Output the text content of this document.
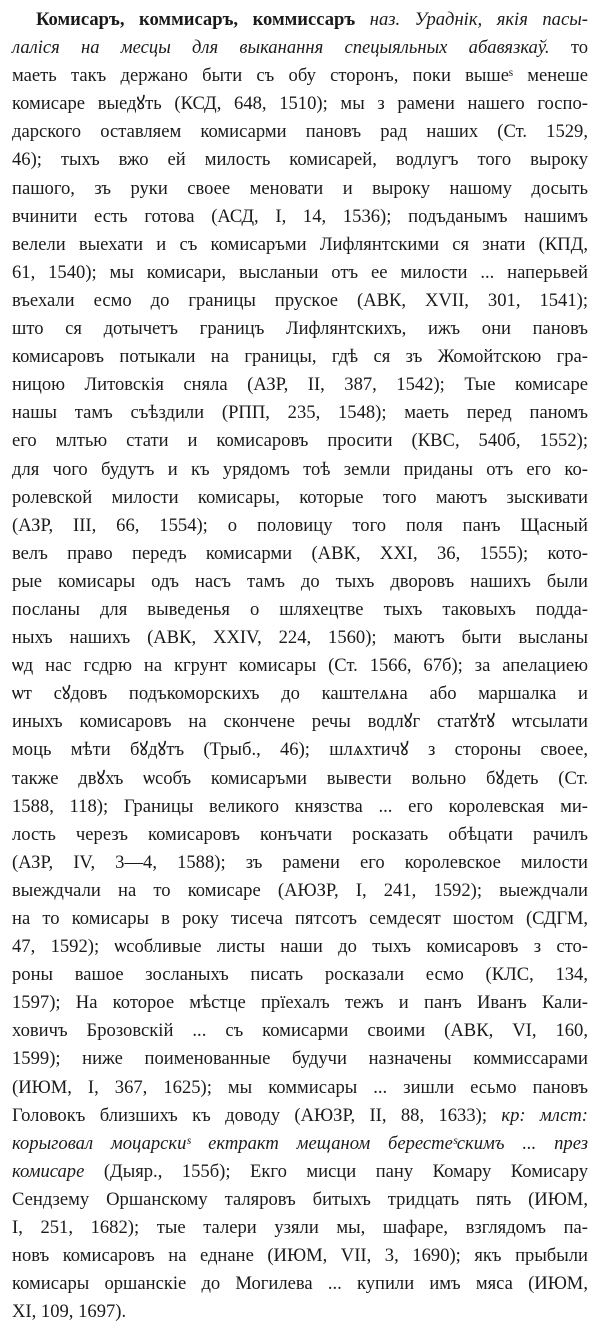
Комисаръ, коммисаръ, коммиссаръ наз. Ураднік, якія пасы-
лаліся на месцы для выканання спецыяльных абавязкаў. то
маеть такъ держано быти съ обу сторонъ, поки вышеˢ менеше
комисаре выедꙋть (КСД, 648, 1510); мы з рамени нашего госпо-
дарского оставляем комисарми пановъ рад наших (Ст. 1529,
46); тыхъ вжо ей милость комисарей, водлугъ того выроку
пашого, зъ руки своее меновати и выроку нашому досыть
вчинити есть готова (АСД, I, 14, 1536); подъданымъ нашимъ
велели выехати и съ комисаръми Лифлянтскими ся знати (КПД,
61, 1540); мы комисари, высланыи отъ ее милости ... наперьвей
въехали есмо до границы прускoe (АВК, XVII, 301, 1541);
што ся дотычетъ границъ Лифлянтскихъ, ижъ они пановъ
комисаровъ потыкали на границы, гдѣ ся зъ Жомойтскою гра-
ницою Литовскія сняла (АЗР, II, 387, 1542); Тые комисаре
нашы тамъ съѣздили (РПП, 235, 1548); маеть перед паномъ
его млтью стати и комисаровъ просити (КВС, 540б, 1552);
для чого будутъ и къ урядомъ тоѣ земли приданы отъ его ко-
ролевской милости комисары, которые того маютъ зыскивати
(АЗР, III, 66, 1554); о половицу того поля панъ Щасный
велъ право передъ комисарми (АВК, XXI, 36, 1555); кото-
рые комисары одъ насъ тамъ до тыхъ дворовъ нашихъ были
посланы для выведенья о шляхецтве тыхъ таковыхъ подда-
ныхъ нашихъ (АВК, XXIV, 224, 1560); маютъ быти высланы
ѡд нас гсдрю на кгрунт комисары (Ст. 1566, 67б); за апелациею
ѡт сꙋдовъ подъкоморскихъ до каштелѧна або маршалка и
иныхъ комисаровъ на скончене речы водлꙋг статꙋтꙋ ѡтсылати
моць мѣти бꙋдꙋтъ (Трыб., 46); шлѧхтичꙋ з стороны своее,
также двꙋхъ ѡсобъ комисаръми вывести вольно бꙋдеть (Ст.
1588, 118); Границы великого князства ... его королевская ми-
лость черезъ комисаровъ конъчати росказать обѣцати рачилъ
(АЗР, IV, 3—4, 1588); зъ рамени его королевское милости
выеждчали на то комисаре (АЮЗР, I, 241, 1592); выеждчали
на то комисары в року тисеча пятсотъ семдесят шостом (СДГМ,
47, 1592); ѡсобливые листы наши до тыхъ комисаровъ з сто-
роны вашое зосланыхъ писать росказали есмо (КЛС, 134,
1597); На которое мѣстце прїехалъ тежъ и панъ Иванъ Кали-
ховичъ Брозовскій ... съ комисарми своими (АВК, VI, 160,
1599); ниже поименованные будучи назначены коммиссарами
(ИЮМ, I, 367, 1625); мы коммисары ... зишли есьмо пановъ
Головокъ близшихъ къ доводу (АЮЗР, II, 88, 1633); кр: млст:
корыговал моцарскиˢ ектракт мещаном берестеˢскимъ ... през
комисаре (Дыяр., 155б); Екго мисци пану Комару Комисару
Сендзему Оршанскому таляровъ битыхъ тридцать пять (ИЮМ,
I, 251, 1682); тые талери узяли мы, шафаре, взглядомъ па-
новъ комисаровъ на еднане (ИЮМ, VII, 3, 1690); якъ прыбыли
комисары оршанскіе до Могилева ... купили имъ мяса (ИЮМ,
XI, 109, 1697).
